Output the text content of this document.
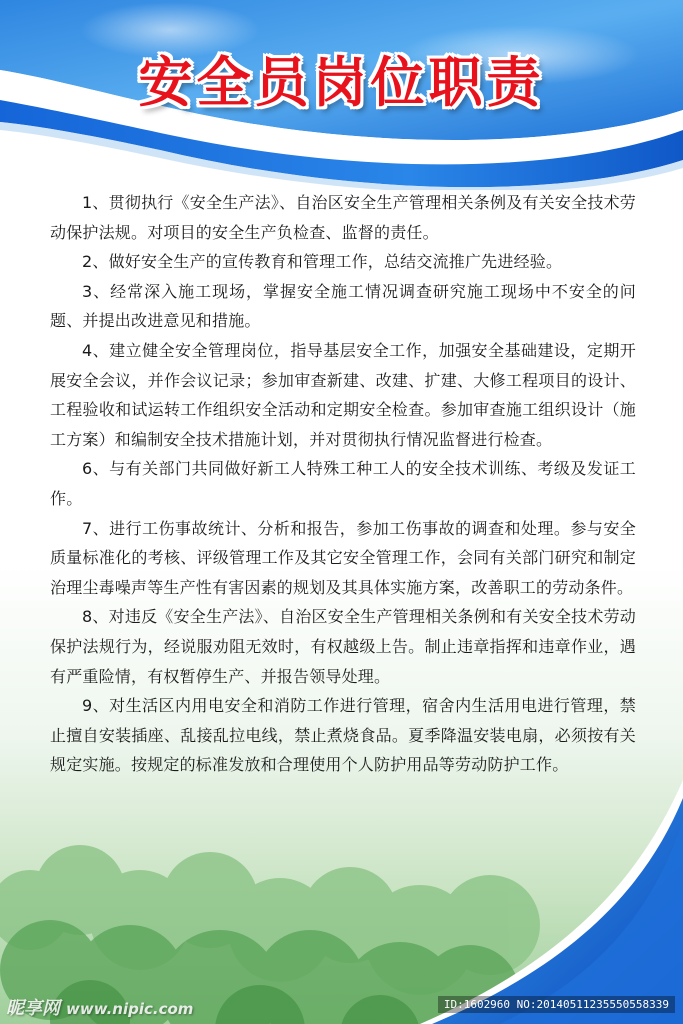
安全员岗位职责

1、贯彻执行《安全生产法》、自治区安全生产管理相关条例及有关安全技术劳动保护法规。对项目的安全生产负检查、监督的责任。

2、做好安全生产的宣传教育和管理工作，总结交流推广先进经验。

3、经常深入施工现场，掌握安全施工情况调查研究施工现场中不安全的问题、并提出改进意见和措施。

4、建立健全安全管理岗位，指导基层安全工作，加强安全基础建设，定期开展安全会议，并作会议记录；参加审查新建、改建、扩建、大修工程项目的设计、工程验收和试运转工作组织安全活动和定期安全检查。参加审查施工组织设计（施工方案）和编制安全技术措施计划，并对贯彻执行情况监督进行检查。

6、与有关部门共同做好新工人特殊工种工人的安全技术训练、考级及发证工作。

7、进行工伤事故统计、分析和报告，参加工伤事故的调查和处理。参与安全质量标准化的考核、评级管理工作及其它安全管理工作，会同有关部门研究和制定治理尘毒噪声等生产性有害因素的规划及其具体实施方案，改善职工的劳动条件。

8、对违反《安全生产法》、自治区安全生产管理相关条例和有关安全技术劳动保护法规行为，经说服劝阻无效时，有权越级上告。制止违章指挥和违章作业，遇有严重险情，有权暂停生产、并报告领导处理。

9、对生活区内用电安全和消防工作进行管理，宿舍内生活用电进行管理，禁止擅自安装插座、乱接乱拉电线，禁止煮烧食品。夏季降温安装电扇，必须按有关规定实施。按规定的标准发放和合理使用个人防护用品等劳动防护工作。

昵享网 www.nipic.com	ID:1602960 NO:20140511235550558339
